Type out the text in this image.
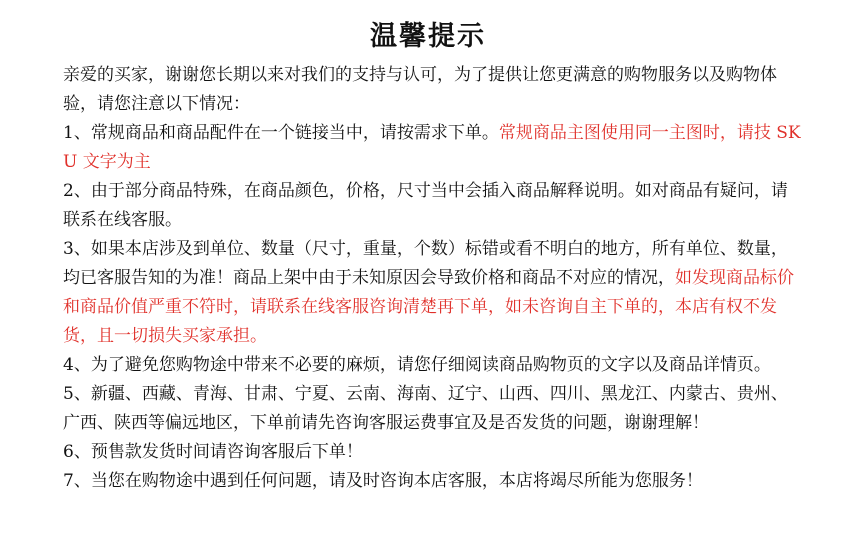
温馨提示

亲爱的买家，谢谢您长期以来对我们的支持与认可，为了提供让您更满意的购物服务以及购物体验，请您注意以下情况：

1、常规商品和商品配件在一个链接当中，请按需求下单。常规商品主图使用同一主图时，请技 SKU 文字为主

2、由于部分商品特殊，在商品颜色，价格，尺寸当中会插入商品解释说明。如对商品有疑问，请联系在线客服。

3、如果本店涉及到单位、数量（尺寸，重量，个数）标错或看不明白的地方，所有单位、数量，均已客服告知的为准！商品上架中由于未知原因会导致价格和商品不对应的情况，如发现商品标价和商品价值严重不符时，请联系在线客服咨询清楚再下单，如未咨询自主下单的，本店有权不发货，且一切损失买家承担。

4、为了避免您购物途中带来不必要的麻烦，请您仔细阅读商品购物页的文字以及商品详情页。

5、新疆、西藏、青海、甘肃、宁夏、云南、海南、辽宁、山西、四川、黑龙江、内蒙古、贵州、广西、陕西等偏远地区，下单前请先咨询客服运费事宜及是否发货的问题，谢谢理解！

6、预售款发货时间请咨询客服后下单！

7、当您在购物途中遇到任何问题，请及时咨询本店客服，本店将竭尽所能为您服务！
